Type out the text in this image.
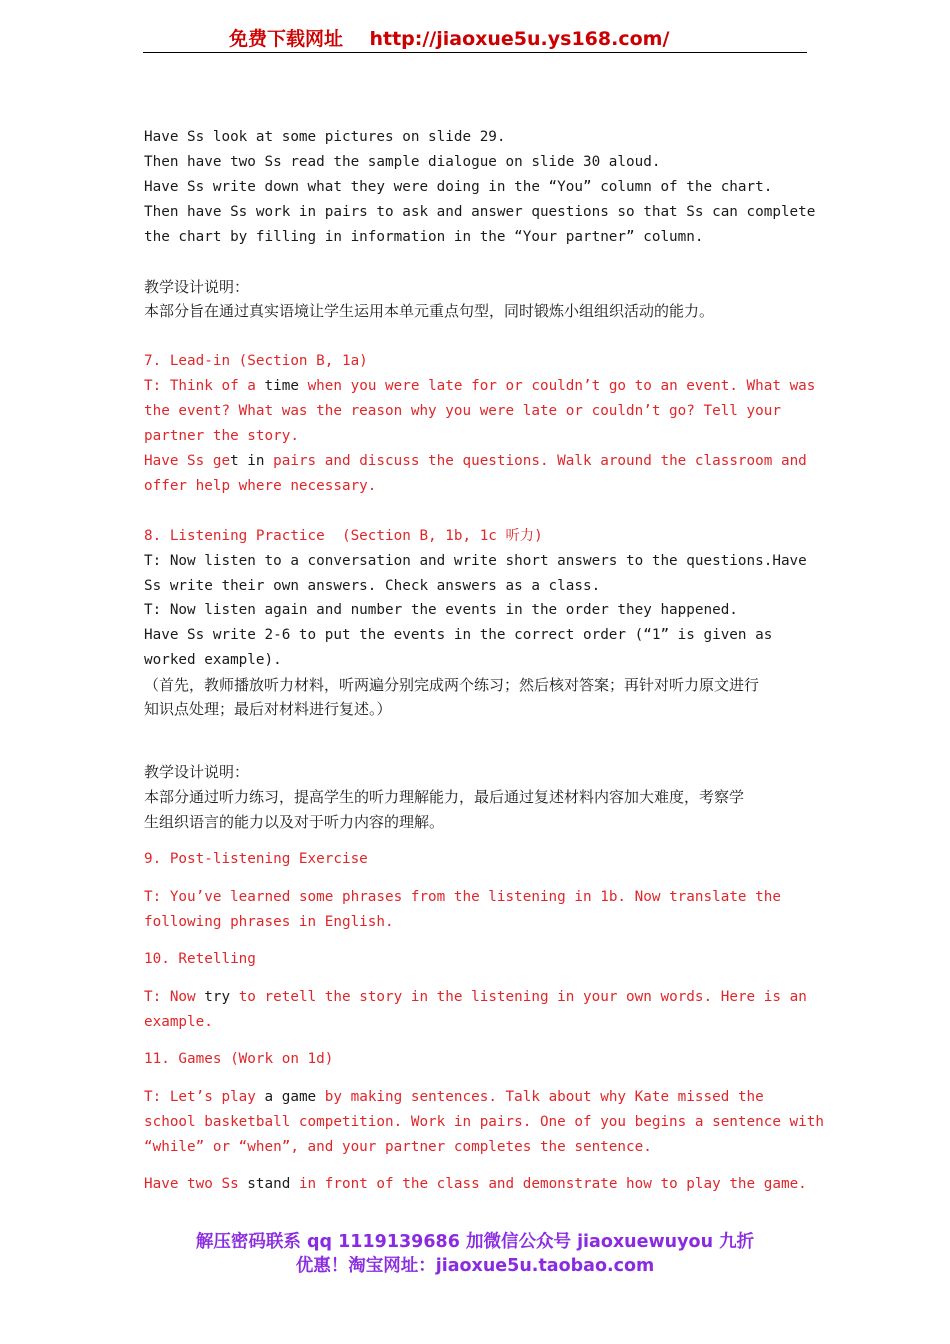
免费下载网址    http://jiaoxue5u.ys168.com/
Have Ss look at some pictures on slide 29.
Then have two Ss read the sample dialogue on slide 30 aloud.
Have Ss write down what they were doing in the “You” column of the chart.
Then have Ss work in pairs to ask and answer questions so that Ss can complete
the chart by filling in information in the “Your partner” column.
教学设计说明：
本部分旨在通过真实语境让学生运用本单元重点句型，同时锻炼小组组织活动的能力。
7. Lead-in (Section B, 1a)
T: Think of a time when you were late for or couldn’t go to an event. What was
the event? What was the reason why you were late or couldn’t go? Tell your
partner the story.
Have Ss get in pairs and discuss the questions. Walk around the classroom and
offer help where necessary.
8. Listening Practice  (Section B, 1b, 1c 听力)
T: Now listen to a conversation and write short answers to the questions.Have
Ss write their own answers. Check answers as a class.
T: Now listen again and number the events in the order they happened.
Have Ss write 2-6 to put the events in the correct order (“1” is given as
worked example).
（首先，教师播放听力材料，听两遍分别完成两个练习；然后核对答案；再针对听力原文进行
知识点处理；最后对材料进行复述。）
教学设计说明：
本部分通过听力练习，提高学生的听力理解能力，最后通过复述材料内容加大难度，考察学
生组织语言的能力以及对于听力内容的理解。
9. Post-listening Exercise
T: You’ve learned some phrases from the listening in 1b. Now translate the
following phrases in English.
10. Retelling
T: Now try to retell the story in the listening in your own words. Here is an
example.
11. Games (Work on 1d)
T: Let’s play a game by making sentences. Talk about why Kate missed the
school basketball competition. Work in pairs. One of you begins a sentence with
“while” or “when”, and your partner completes the sentence.
Have two Ss stand in front of the class and demonstrate how to play the game.
解压密码联系 qq 1119139686 加微信公众号 jiaoxuewuyou 九折
优惠！淘宝网址：jiaoxue5u.taobao.com
